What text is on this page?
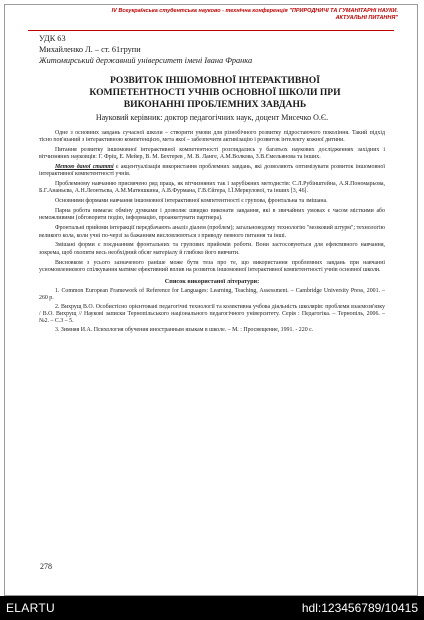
IV Всеукраїнська студентська науково - технічна конференція "ПРИРОДНИЧІ ТА ГУМАНІТАРНІ НАУКИ.
АКТУАЛЬНІ ПИТАННЯ"
УДК 63
Михайленко Л. – ст. 61групи
Житомирський державний університет імені Івана Франка
РОЗВИТОК ІНШОМОВНОЇ ІНТЕРАКТИВНОЇ
КОМПЕТЕНТНОСТІ УЧНІВ ОСНОВНОЇ ШКОЛИ ПРИ
ВИКОНАННІ ПРОБЛЕМНИХ ЗАВДАНЬ
Науковий керівник: доктор педагогічних наук, доцент Мисечко О.Є.

Одне з основних завдань сучасної школи – створити умови для різнобічного розвитку підростаючого покоління. Такий підхід тісно пов'язаний з інтерактивною компетенцією, мета якої – забезпечити активізацію і розвиток інтелекту кожної дитини.

Питання розвитку іншомовної інтерактивної компетентності розглядались у багатьох наукових дослідженнях західних і вітчизняних науковців: Г. Фріц, Е. Мейер, В. М. Бехтерев , М. В. Ланге, А.М.Волкова, З.В.Ємельянова та інших.

Метою даної статті є акцентуалізація використання проблемних завдань, які дозволяють оптимізувати розвиток іншомовної інтерактивної компетентності учнів.

Проблемному навчанню присвячено ряд праць, як вітчизняних так і зарубіжних методистів: С.Л.Рубінштейна, А.Я.Пономарьова, Б.Г.Ананьєва, А.Н.Леонтьєва, А.М.Матюшкина, А.В.Фурмана, Г.В.Єйгера, І.Ї.Меркулової, та інших [3, 46].

Основними формами навчання іншомовної інтерактивної компетентності є групова, фронтальна та змішана.

Парна робота вимагає обміну думками і дозволяє швидко виконати завдання, які в звичайних умовах є часом місткими або неможливими (обговорити подію, інформацію, проанкетувати партнера).

Фронтальні прийоми інтеракції передбачають аналіз діалем (проблем); загальноводому технологію "мозковий штурм"; технологію великого кола, коли учні по-черзі за бажанням висловлюються з приводу певного питання та інші.

Змішані форми є поєднанням фронтальних та групових прийомів роботи. Вони застосовуються для ефективного навчання, зокрема, щоб охопити весь необхідний обсяг матеріалу й глибоко його вивчити.

Висновком з усього зазначеного раніше може бути теза про те, що використання проблемних завдань при навчанні усномовленнєвого спілкування матиме ефективний вплив на розвиток іншомовної інтерактивної компетентності учнів основної школи.

Список використаної літератури:

1. Common European Framework of Reference for Languages: Learning, Teaching, Assessment. – Cambridge University Press, 2001. – 260 p.

2. Вихрущ В.О. Особистісно орієнтовані педагогічні технології та колективна учбова діяльність школярів: проблеми взаємозв'язку / В.О. Вихрущ // Наукові записки Тернопільського національного педагогічного університету. Серія : Педагогіка. – Тернопіль, 2006. – №2. – С.3 – 5.

3. Зимняя И.А. Психология обучения иностранным языкам в школе. – М. : Просвещение, 1991. - 220 с.

278
ELARTU	hdl:123456789/10415
